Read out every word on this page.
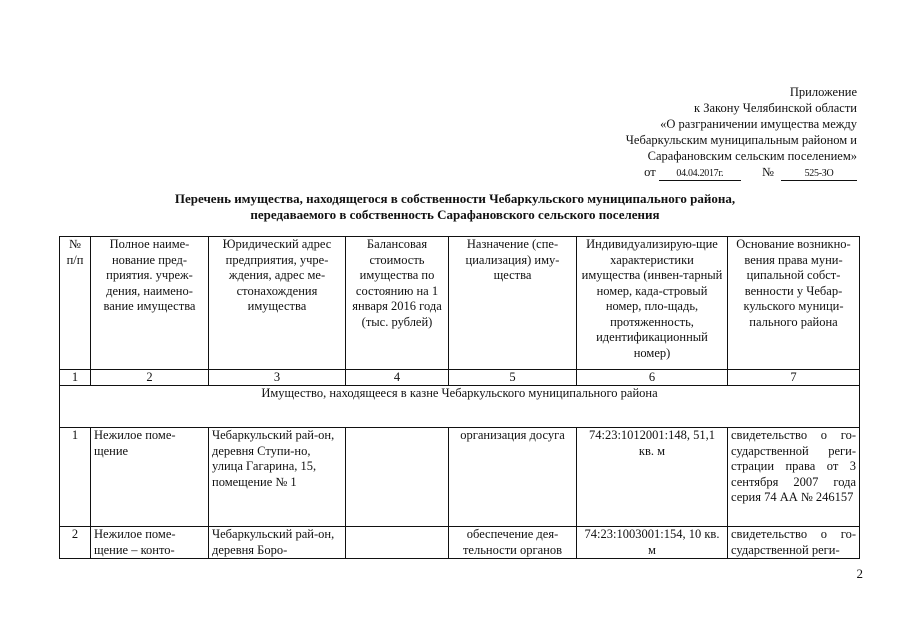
Приложение
к Закону Челябинской области
«О разграничении имущества между
Чебаркульским муниципальным районом и
Сарафановским сельским поселением»
от 04.04.2017г.	№	525-ЗО
Перечень имущества, находящегося в собственности Чебаркульского муниципального района,
передаваемого в собственность Сарафановского сельского поселения
№ п/п	Полное наиме-нование пред-приятия. учреж-дения, наимено-вание имущества	Юридический адрес предприятия, учре-ждения, адрес ме-стонахождения имущества	Балансовая стоимость имущества по состоянию на 1 января 2016 года (тыс. рублей)	Назначение (спе-циализация) иму-щества	Индивидуализирую-щие характеристики имущества (инвен-тарный номер, када-стровый номер, пло-щадь, протяженность, идентификационный номер)	Основание возникно-вения права муни-ципальной собст-венности у Чебар-кульского муници-пального района
1	2	3	4	5	6	7
Имущество, находящееся в казне Чебаркульского муниципального района						
1	Нежилое поме-щение	Чебаркульский рай-он, деревня Ступи-но, улица Гагарина, 15, помещение № 1		организация досуга	74:23:1012001:148, 51,1 кв. м	свидетельство о го-сударственной реги-страции права от 3 сентября 2007 года серия 74 АА № 246157
2	Нежилое поме-щение – конто-	Чебаркульский рай-он, деревня Боро-		обеспечение дея-тельности органов	74:23:1003001:154, 10 кв. м	свидетельство о го-сударственной реги-
2
